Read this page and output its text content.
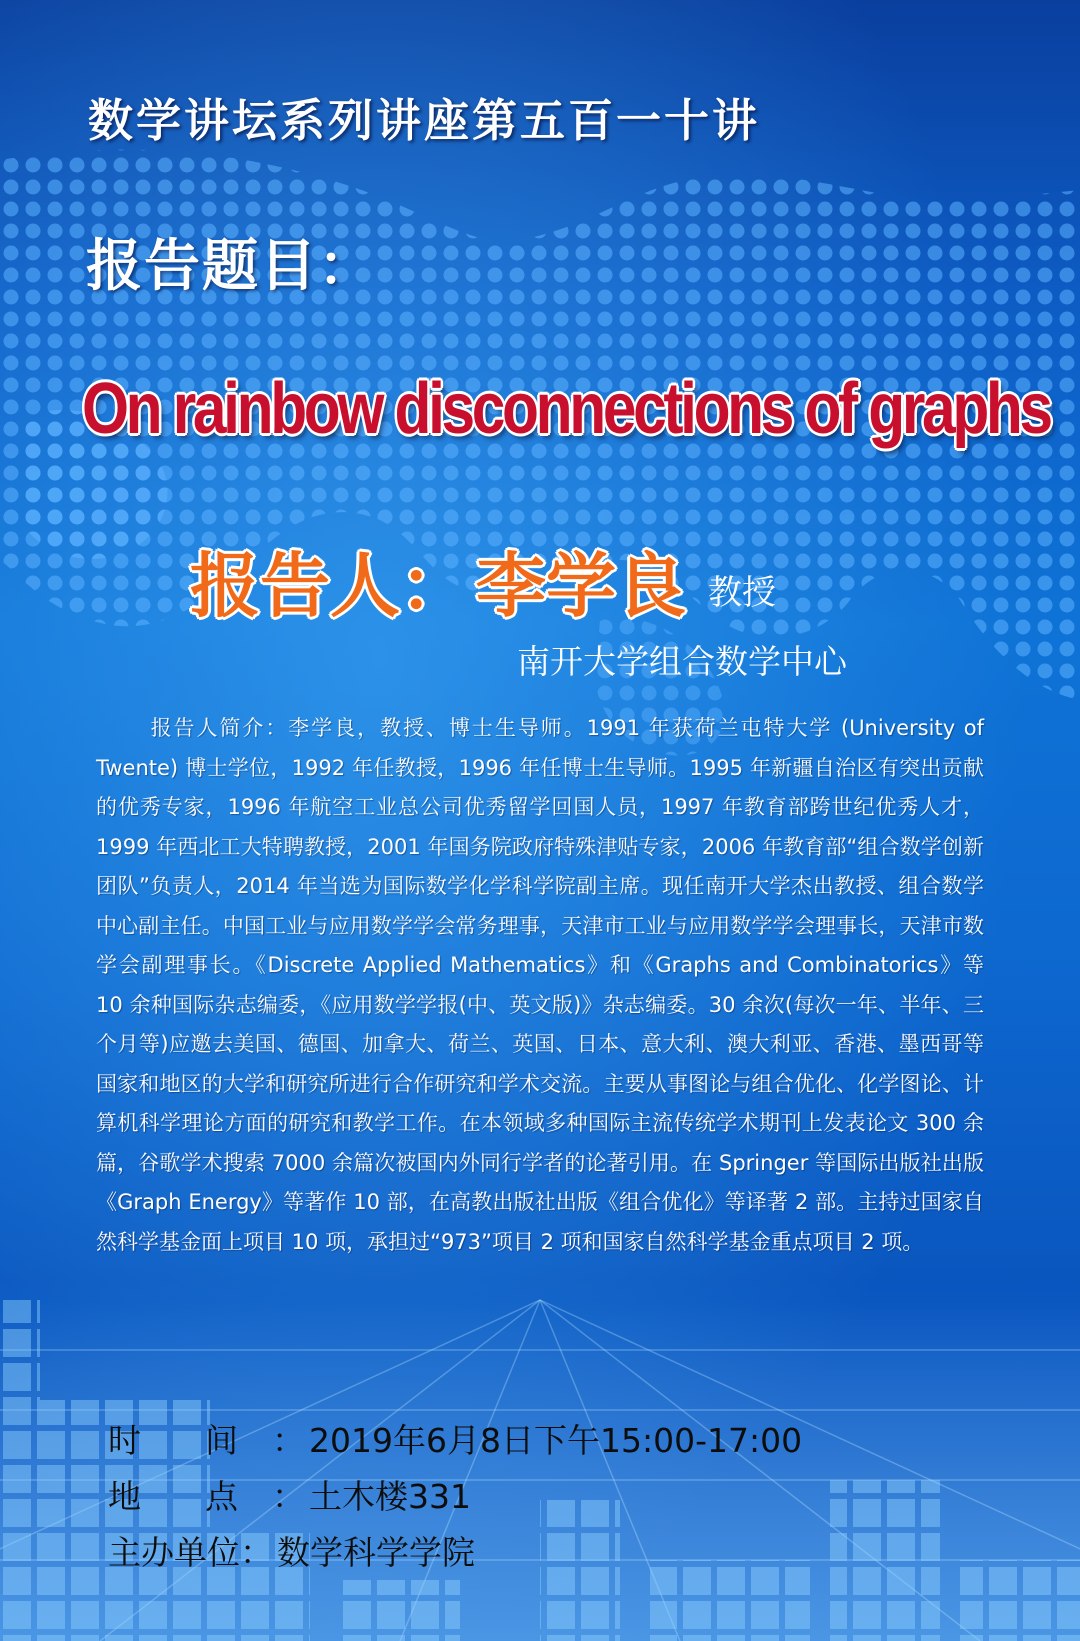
数学讲坛系列讲座第五百一十讲
报告题目：
On rainbow disconnections of graphs
报告人：李学良 教授

南开大学组合数学中心

报告人简介：李学良，教授、博士生导师。1991 年获荷兰屯特大学 (University of Twente) 博士学位，1992 年任教授，1996 年任博士生导师。1995 年新疆自治区有突出贡献的优秀专家，1996 年航空工业总公司优秀留学回国人员，1997 年教育部跨世纪优秀人才，1999 年西北工大特聘教授，2001 年国务院政府特殊津贴专家，2006 年教育部“组合数学创新团队”负责人，2014 年当选为国际数学化学科学院副主席。现任南开大学杰出教授、组合数学中心副主任。中国工业与应用数学学会常务理事，天津市工业与应用数学学会理事长，天津市数学会副理事长。《Discrete Applied Mathematics》和《Graphs and Combinatorics》等 10 余种国际杂志编委，《应用数学学报(中、英文版)》杂志编委。30 余次(每次一年、半年、三个月等)应邀去美国、德国、加拿大、荷兰、英国、日本、意大利、澳大利亚、香港、墨西哥等国家和地区的大学和研究所进行合作研究和学术交流。主要从事图论与组合优化、化学图论、计算机科学理论方面的研究和教学工作。在本领域多种国际主流传统学术期刊上发表论文 300 余篇，谷歌学术搜索 7000 余篇次被国内外同行学者的论著引用。在 Springer 等国际出版社出版《Graph Energy》等著作 10 部，在高教出版社出版《组合优化》等译著 2 部。主持过国家自然科学基金面上项目 10 项，承担过“973”项目 2 项和国家自然科学基金重点项目 2 项。

时 间 ： 2019年6月8日下午15:00-17:00
地 点 ： 土木楼331
主办单位 ： 数学科学学院
